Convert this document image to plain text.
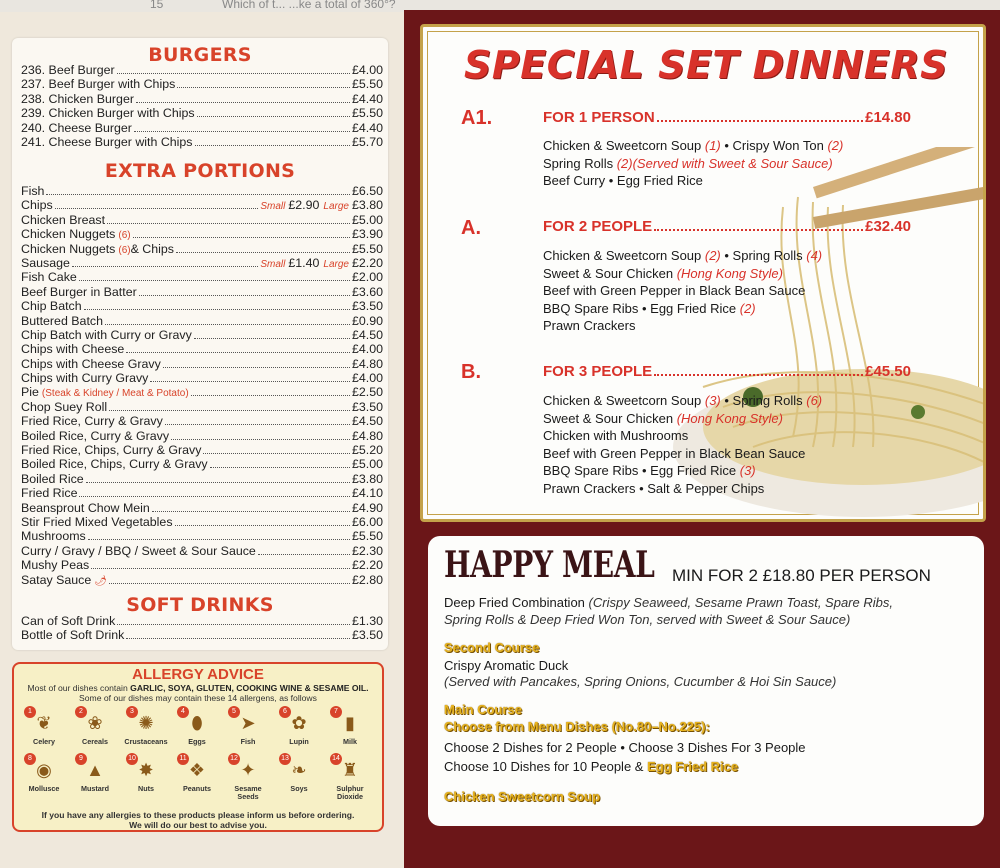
15	Which of t... ...ke a total of 360°?
BURGERS
236. Beef Burger	£4.00
237. Beef Burger with Chips	£5.50
238. Chicken Burger	£4.40
239. Chicken Burger with Chips	£5.50
240. Cheese Burger	£4.40
241. Cheese Burger with Chips	£5.70
EXTRA PORTIONS
Fish	£6.50
Chips	Small £2.90 Large £3.80
Chicken Breast	£5.00
Chicken Nuggets (6)	£3.90
Chicken Nuggets (6) & Chips	£5.50
Sausage	Small £1.40 Large £2.20
Fish Cake	£2.00
Beef Burger in Batter	£3.60
Chip Batch	£3.50
Buttered Batch	£0.90
Chip Batch with Curry or Gravy	£4.50
Chips with Cheese	£4.00
Chips with Cheese Gravy	£4.80
Chips with Curry Gravy	£4.00
Pie (Steak & Kidney / Meat & Potato)	£2.50
Chop Suey Roll	£3.50
Fried Rice, Curry & Gravy	£4.50
Boiled Rice, Curry & Gravy	£4.80
Fried Rice, Chips, Curry & Gravy	£5.20
Boiled Rice, Chips, Curry & Gravy	£5.00
Boiled Rice	£3.80
Fried Rice	£4.10
Beansprout Chow Mein	£4.90
Stir Fried Mixed Vegetables	£6.00
Mushrooms	£5.50
Curry / Gravy / BBQ / Sweet & Sour Sauce	£2.30
Mushy Peas	£2.20
Satay Sauce 🌶	£2.80
SOFT DRINKS
Can of Soft Drink	£1.30
Bottle of Soft Drink	£3.50
ALLERGY ADVICE
Most of our dishes contain GARLIC, SOYA, GLUTEN, COOKING WINE & SESAME OIL.
Some of our dishes may contain these 14 allergens, as follows
1
❦
Celery
2
❀
Cereals
3
✺
Crustaceans
4
⬮
Eggs
5
➤
Fish
6
✿
Lupin
7
▮
Milk
8
◉
Mollusce
9
▲
Mustard
10
✸
Nuts
11
❖
Peanuts
12
✦
Sesame Seeds
13
❧
Soys
14
♜
Sulphur Dioxide
If you have any allergies to these products please inform us before ordering.
We will do our best to advise you.
SPECIAL SET DINNERS
A1.	FOR 1 PERSON	£14.80
Chicken & Sweetcorn Soup (1) • Crispy Won Ton (2)
Spring Rolls (2)(Served with Sweet & Sour Sauce)
Beef Curry • Egg Fried Rice
A.	FOR 2 PEOPLE	£32.40
Chicken & Sweetcorn Soup (2) • Spring Rolls (4)
Sweet & Sour Chicken (Hong Kong Style)
Beef with Green Pepper in Black Bean Sauce
BBQ Spare Ribs • Egg Fried Rice (2)
Prawn Crackers
B.	FOR 3 PEOPLE	£45.50
Chicken & Sweetcorn Soup (3) • Spring Rolls (6)
Sweet & Sour Chicken (Hong Kong Style)
Chicken with Mushrooms
Beef with Green Pepper in Black Bean Sauce
BBQ Spare Ribs • Egg Fried Rice (3)
Prawn Crackers • Salt & Pepper Chips
HAPPY MEAL MIN FOR 2 £18.80 PER PERSON
Deep Fried Combination (Crispy Seaweed, Sesame Prawn Toast, Spare Ribs,
Spring Rolls & Deep Fried Won Ton, served with Sweet & Sour Sauce)
Second Course
Crispy Aromatic Duck
(Served with Pancakes, Spring Onions, Cucumber & Hoi Sin Sauce)
Main Course
Choose from Menu Dishes (No.80–No.225):
Choose 2 Dishes for 2 People • Choose 3 Dishes For 3 People
Choose 10 Dishes for 10 People & Egg Fried Rice
Chicken Sweetcorn Soup
